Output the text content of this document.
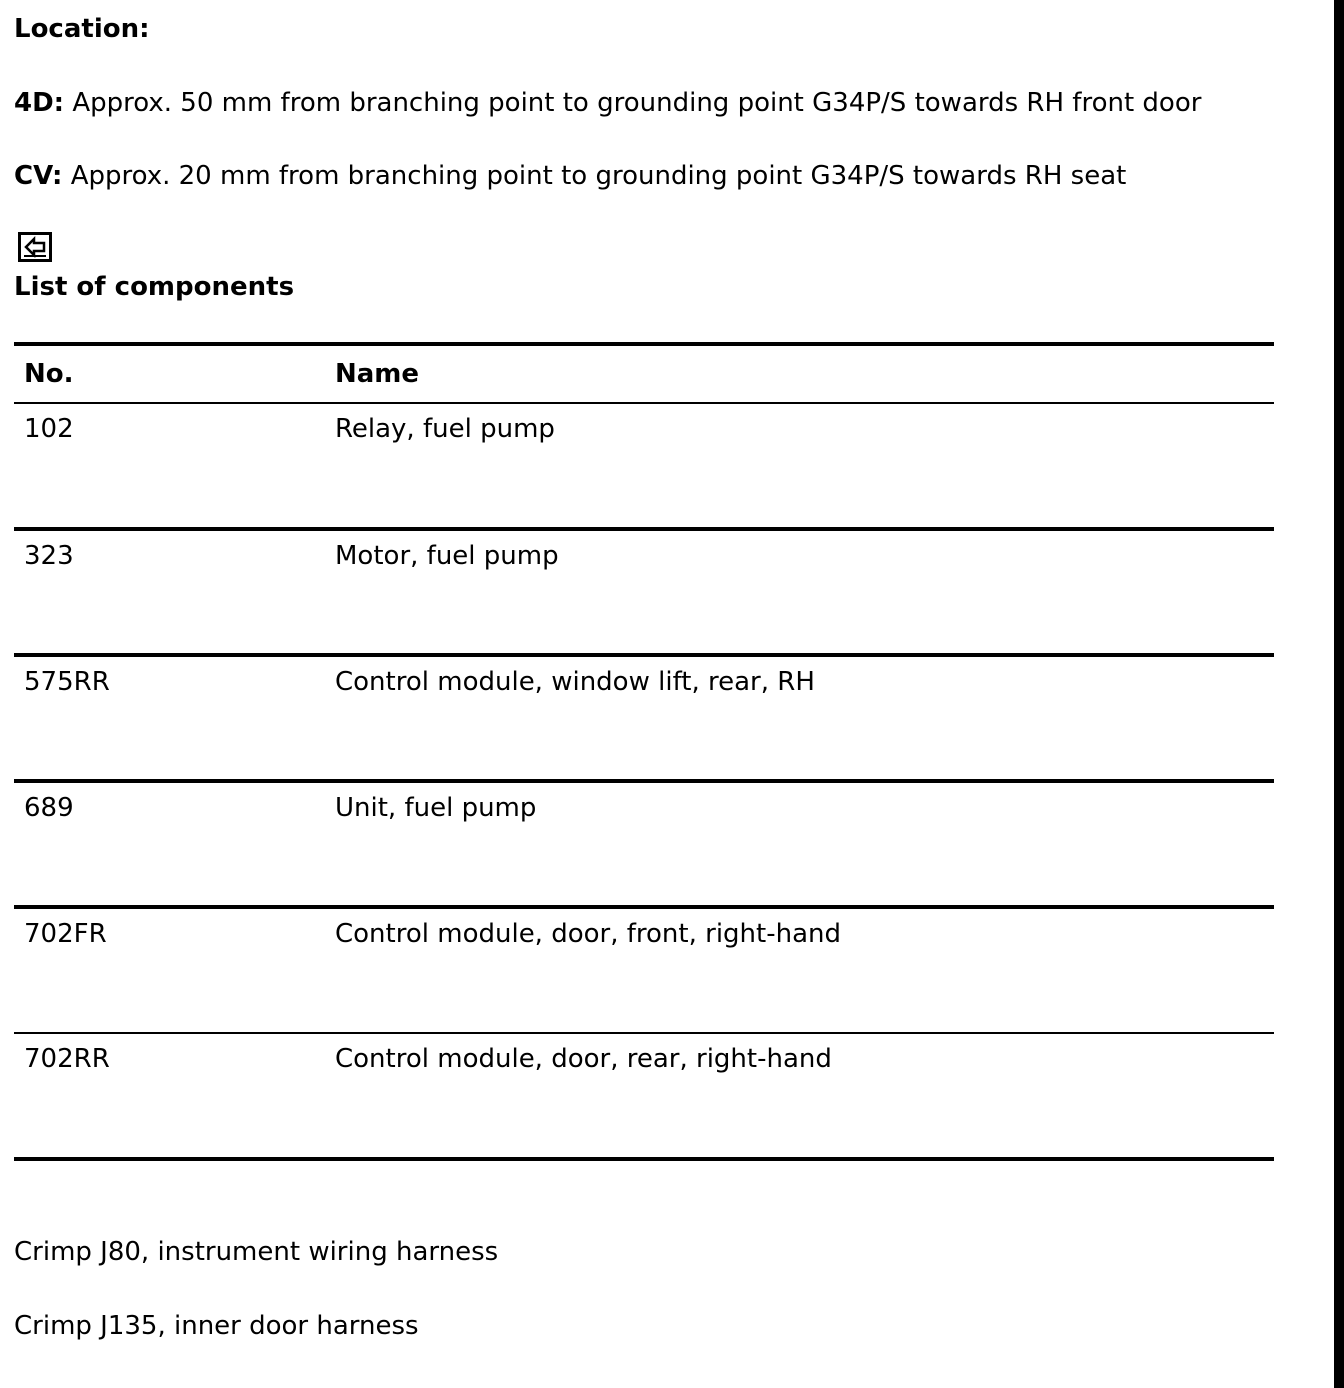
Location:
4D: Approx. 50 mm from branching point to grounding point G34P/S towards RH front door
CV: Approx. 20 mm from branching point to grounding point G34P/S towards RH seat
List of components
No.	Name
102	Relay, fuel pump
323	Motor, fuel pump
575RR	Control module, window lift, rear, RH
689	Unit, fuel pump
702FR	Control module, door, front, right-hand
702RR	Control module, door, rear, right-hand
Crimp J80, instrument wiring harness
Crimp J135, inner door harness
